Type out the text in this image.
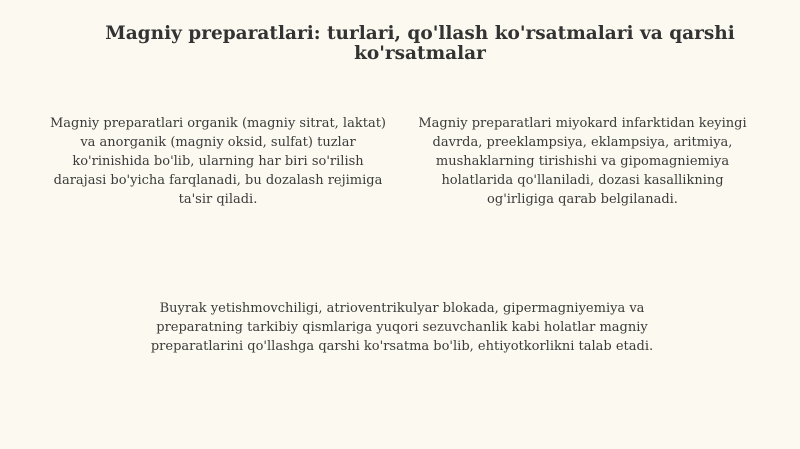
Magniy preparatlari: turlari, qo'llash ko'rsatmalari va qarshi ko'rsatmalar

Magniy preparatlari organik (magniy sitrat, laktat) va anorganik (magniy oksid, sulfat) tuzlar ko'rinishida bo'lib, ularning har biri so'rilish darajasi bo'yicha farqlanadi, bu dozalash rejimiga ta'sir qiladi.

Magniy preparatlari miyokard infarktidan keyingi davrda, preeklampsiya, eklampsiya, aritmiya, mushaklarning tirishishi va gipomagniemiya holatlarida qo'llaniladi, dozasi kasallikning og'irligiga qarab belgilanadi.

Buyrak yetishmovchiligi, atrioventrikulyar blokada, gipermagniyemiya va preparatning tarkibiy qismlariga yuqori sezuvchanlik kabi holatlar magniy preparatlarini qo'llashga qarshi ko'rsatma bo'lib, ehtiyotkorlikni talab etadi.
